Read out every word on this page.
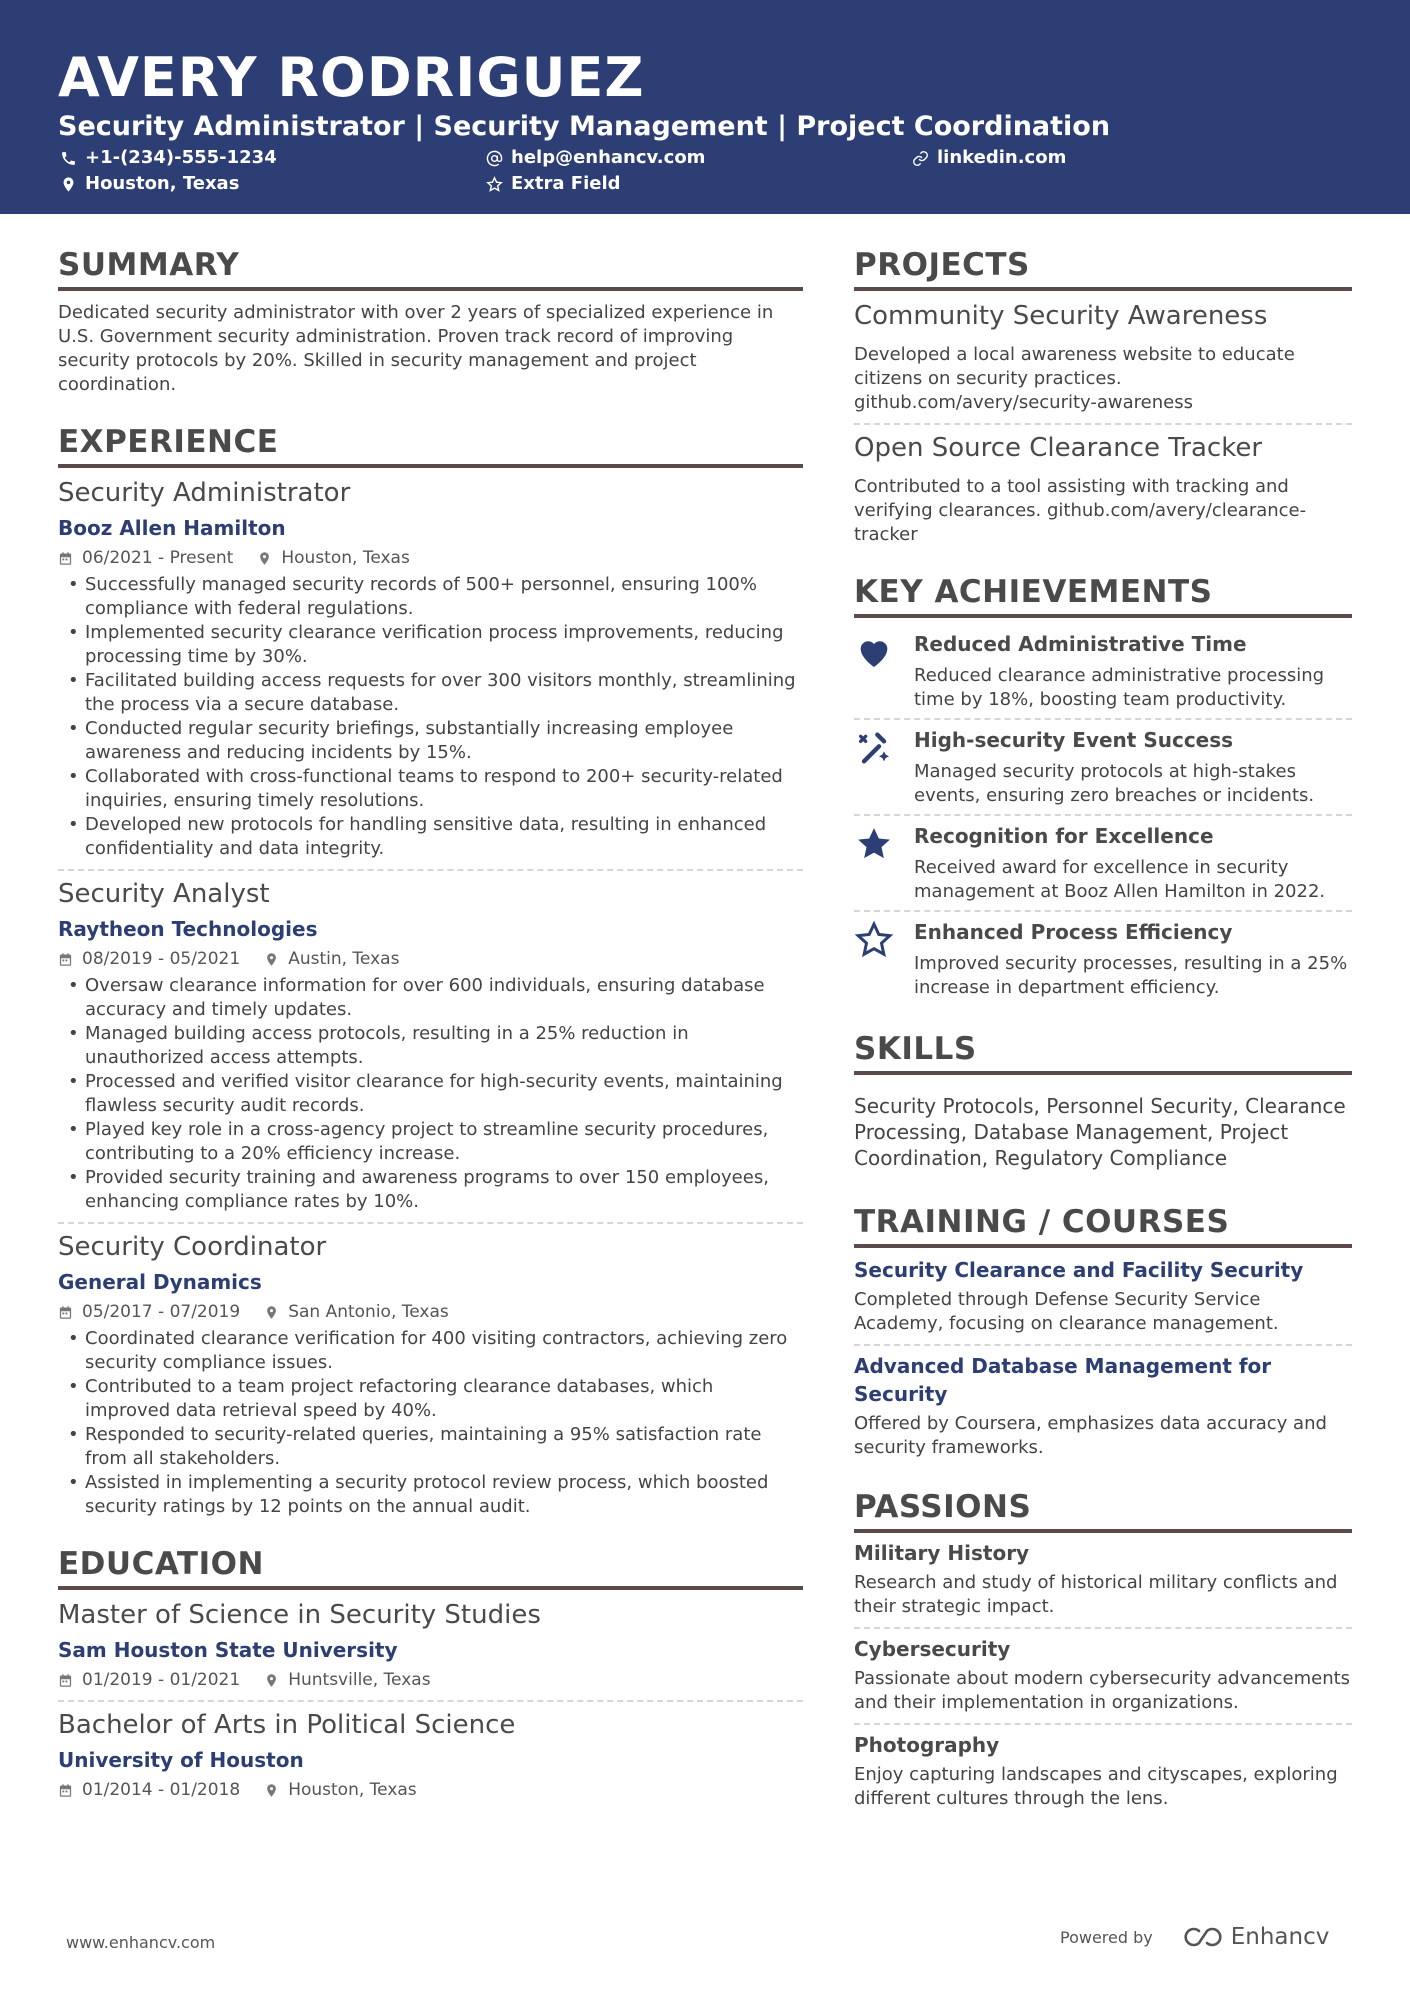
AVERY RODRIGUEZ
Security Administrator | Security Management | Project Coordination
+1-(234)-555-1234	help@enhancv.com	linkedin.com
Houston, Texas	Extra Field
SUMMARY
Dedicated security administrator with over 2 years of specialized experience in U.S. Government security administration. Proven track record of improving security protocols by 20%. Skilled in security management and project coordination.
EXPERIENCE
Security Administrator
Booz Allen Hamilton
06/2021 - Present	Houston, Texas
• Successfully managed security records of 500+ personnel, ensuring 100% compliance with federal regulations.
• Implemented security clearance verification process improvements, reducing processing time by 30%.
• Facilitated building access requests for over 300 visitors monthly, streamlining the process via a secure database.
• Conducted regular security briefings, substantially increasing employee awareness and reducing incidents by 15%.
• Collaborated with cross-functional teams to respond to 200+ security-related inquiries, ensuring timely resolutions.
• Developed new protocols for handling sensitive data, resulting in enhanced confidentiality and data integrity.
Security Analyst
Raytheon Technologies
08/2019 - 05/2021	Austin, Texas
• Oversaw clearance information for over 600 individuals, ensuring database accuracy and timely updates.
• Managed building access protocols, resulting in a 25% reduction in unauthorized access attempts.
• Processed and verified visitor clearance for high-security events, maintaining flawless security audit records.
• Played key role in a cross-agency project to streamline security procedures, contributing to a 20% efficiency increase.
• Provided security training and awareness programs to over 150 employees, enhancing compliance rates by 10%.
Security Coordinator
General Dynamics
05/2017 - 07/2019	San Antonio, Texas
• Coordinated clearance verification for 400 visiting contractors, achieving zero security compliance issues.
• Contributed to a team project refactoring clearance databases, which improved data retrieval speed by 40%.
• Responded to security-related queries, maintaining a 95% satisfaction rate from all stakeholders.
• Assisted in implementing a security protocol review process, which boosted security ratings by 12 points on the annual audit.
EDUCATION
Master of Science in Security Studies
Sam Houston State University
01/2019 - 01/2021	Huntsville, Texas
Bachelor of Arts in Political Science
University of Houston
01/2014 - 01/2018	Houston, Texas
PROJECTS
Community Security Awareness
Developed a local awareness website to educate citizens on security practices. github.com/avery/security-awareness
Open Source Clearance Tracker
Contributed to a tool assisting with tracking and verifying clearances. github.com/avery/clearance-tracker
KEY ACHIEVEMENTS
Reduced Administrative Time
Reduced clearance administrative processing time by 18%, boosting team productivity.
High-security Event Success
Managed security protocols at high-stakes events, ensuring zero breaches or incidents.
Recognition for Excellence
Received award for excellence in security management at Booz Allen Hamilton in 2022.
Enhanced Process Efficiency
Improved security processes, resulting in a 25% increase in department efficiency.
SKILLS
Security Protocols, Personnel Security, Clearance Processing, Database Management, Project Coordination, Regulatory Compliance
TRAINING / COURSES
Security Clearance and Facility Security
Completed through Defense Security Service Academy, focusing on clearance management.
Advanced Database Management for Security
Offered by Coursera, emphasizes data accuracy and security frameworks.
PASSIONS
Military History
Research and study of historical military conflicts and their strategic impact.
Cybersecurity
Passionate about modern cybersecurity advancements and their implementation in organizations.
Photography
Enjoy capturing landscapes and cityscapes, exploring different cultures through the lens.
www.enhancv.com	Powered by	Enhancv
